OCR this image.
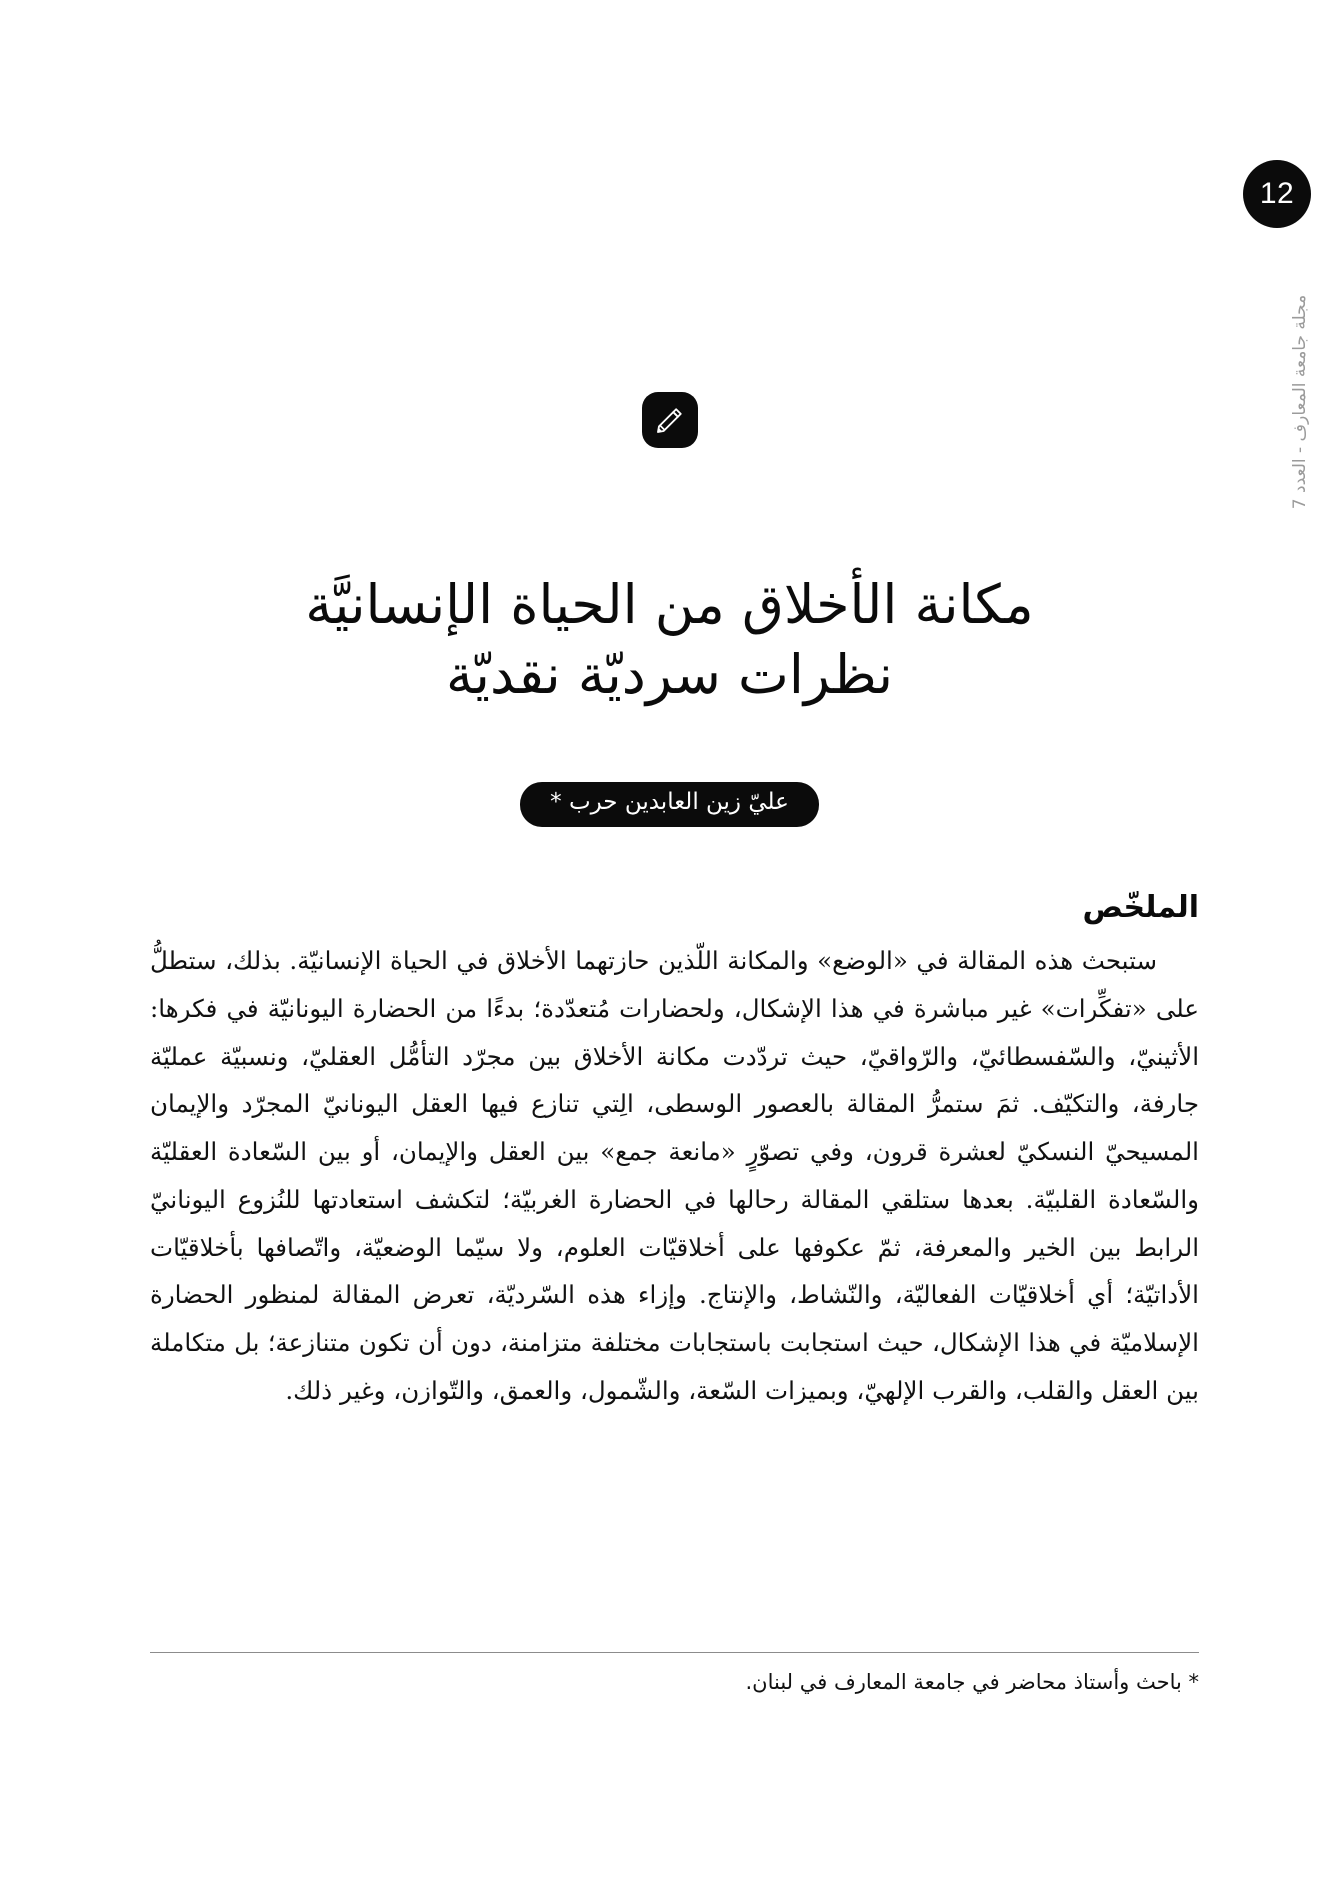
12
مجلة جامعة المعارف - العدد 7
مكانة الأخلاق من الحياة الإنسانيَّة
نظرات سرديّة نقديّة
عليّ زين العابدين حرب *
الملخّص

ستبحث هذه المقالة في «الوضع» والمكانة اللّذين حازتهما الأخلاق في الحياة الإنسانيّة. بذلك، ستطلُّ على «تفكِّرات» غير مباشرة في هذا الإشكال، ولحضارات مُتعدّدة؛ بدءًا من الحضارة اليونانيّة في فكرها: الأثينيّ، والسّفسطائيّ، والرّواقيّ، حيث تردّدت مكانة الأخلاق بين مجرّد التأمُّل العقليّ، ونسبيّة عمليّة جارفة، والتكيّف. ثمَ ستمرُّ المقالة بالعصور الوسطى، الِتي تنازع فيها العقل اليونانيّ المجرّد والإيمان المسيحيّ النسكيّ لعشرة قرون، وفي تصوّرٍ «مانعة جمع» بين العقل والإيمان، أو بين السّعادة العقليّة والسّعادة القلبيّة. بعدها ستلقي المقالة رحالها في الحضارة الغربيّة؛ لتكشف استعادتها للنُزوع اليونانيّ الرابط بين الخير والمعرفة، ثمّ عكوفها على أخلاقيّات العلوم، ولا سيّما الوضعيّة، واتّصافها بأخلاقيّات الأداتيّة؛ أي أخلاقيّات الفعاليّة، والنّشاط، والإنتاج. وإزاء هذه السّرديّة، تعرض المقالة لمنظور الحضارة الإسلاميّة في هذا الإشكال، حيث استجابت باستجابات مختلفة متزامنة، دون أن تكون متنازعة؛ بل متكاملة بين العقل والقلب، والقرب الإلهيّ، وبميزات السّعة، والشّمول، والعمق، والتّوازن، وغير ذلك.

* باحث وأستاذ محاضر في جامعة المعارف في لبنان.
